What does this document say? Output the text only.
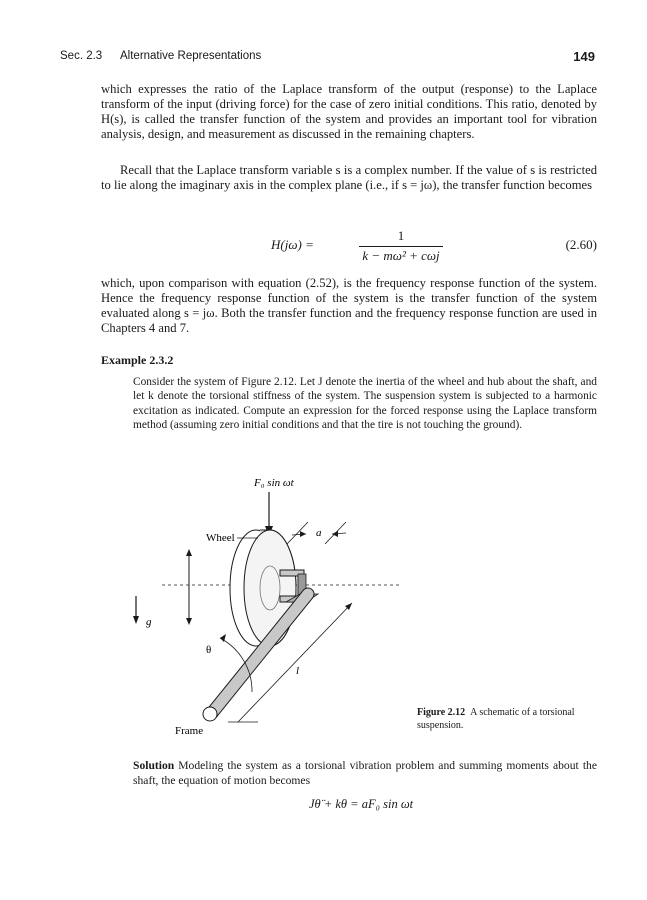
Sec. 2.3 Alternative Representations	149
which expresses the ratio of the Laplace transform of the output (response) to the Laplace transform of the input (driving force) for the case of zero initial conditions. This ratio, denoted by H(s), is called the transfer function of the system and provides an important tool for vibration analysis, design, and measurement as discussed in the remaining chapters.
Recall that the Laplace transform variable s is a complex number. If the value of s is restricted to lie along the imaginary axis in the complex plane (i.e., if s = jω), the transfer function becomes
H(jω) =
1
k − mω² + cωj
(2.60)
which, upon comparison with equation (2.52), is the frequency response function of the system. Hence the frequency response function of the system is the transfer function of the system evaluated along s = jω. Both the transfer function and the frequency response function are used in Chapters 4 and 7.
Example 2.3.2
Consider the system of Figure 2.12. Let J denote the inertia of the wheel and hub about the shaft, and let k denote the torsional stiffness of the system. The suspension system is subjected to a harmonic excitation as indicated. Compute an expression for the forced response using the Laplace transform method (assuming zero initial conditions and that the tire is not touching the ground).
F₀ sin ωt
Wheel	a
g
θ
l
Frame
Figure 2.12 A schematic of a torsional suspension.
Solution Modeling the system as a torsional vibration problem and summing moments about the shaft, the equation of motion becomes
Jθ̈ + kθ = aF₀ sin ωt
